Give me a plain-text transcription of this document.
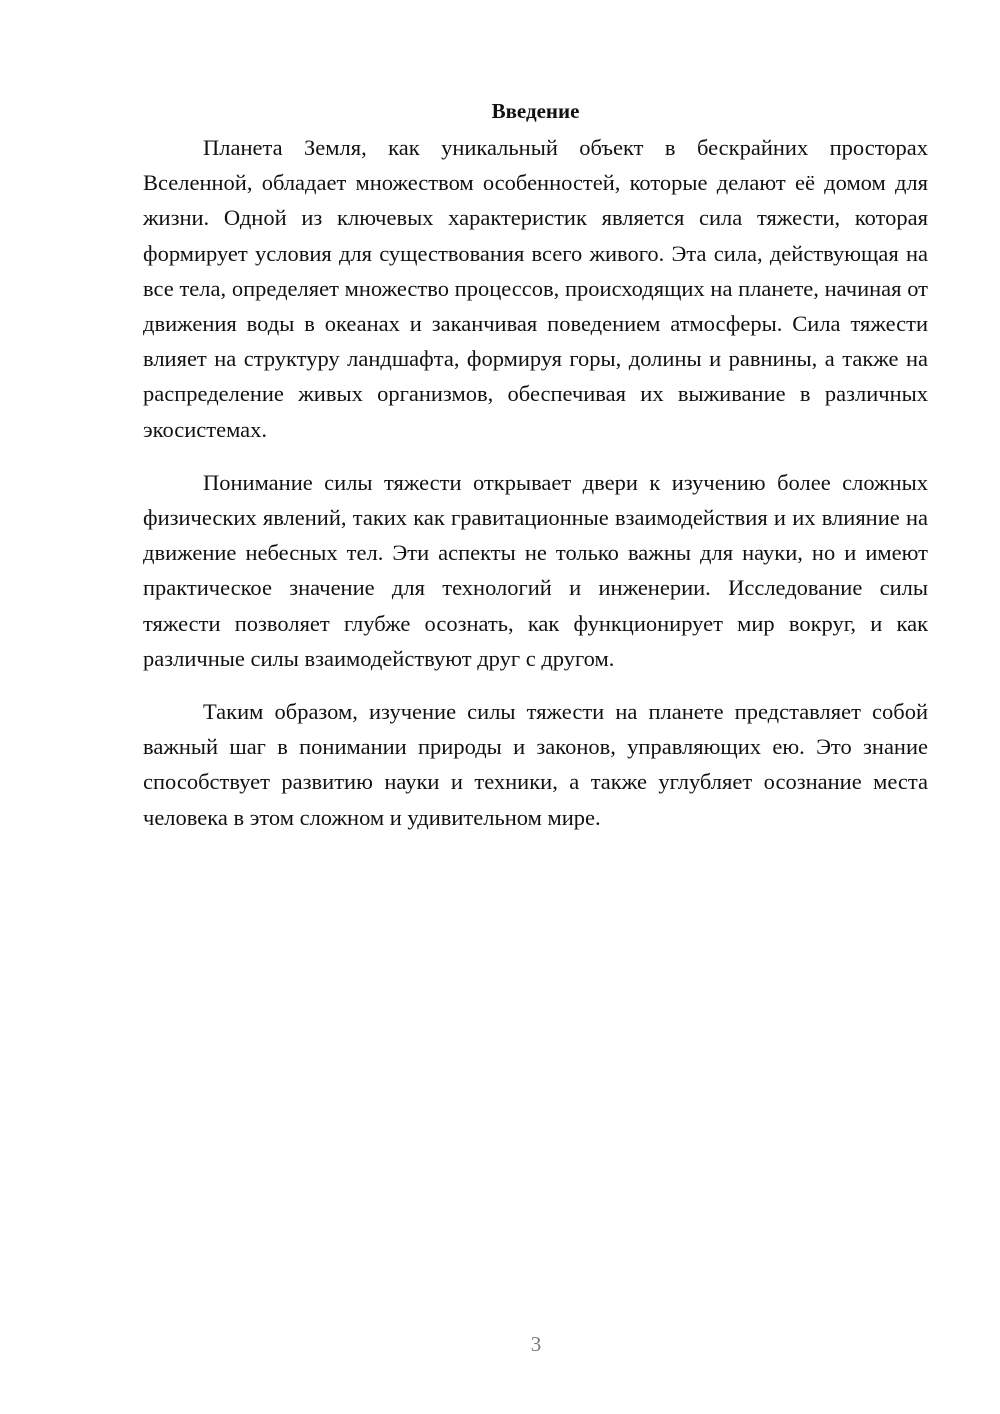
Введение

Планета Земля, как уникальный объект в бескрайних просторах Вселенной, обладает множеством особенностей, которые делают её домом для жизни. Одной из ключевых характеристик является сила тяжести, которая формирует условия для существования всего живого. Эта сила, действующая на все тела, определяет множество процессов, происходящих на планете, начиная от движения воды в океанах и заканчивая поведением атмосферы. Сила тяжести влияет на структуру ландшафта, формируя горы, долины и равнины, а также на распределение живых организмов, обеспечивая их выживание в различных экосистемах.

Понимание силы тяжести открывает двери к изучению более сложных физических явлений, таких как гравитационные взаимодействия и их влияние на движение небесных тел. Эти аспекты не только важны для науки, но и имеют практическое значение для технологий и инженерии. Исследование силы тяжести позволяет глубже осознать, как функционирует мир вокруг, и как различные силы взаимодействуют друг с другом.

Таким образом, изучение силы тяжести на планете представляет собой важный шаг в понимании природы и законов, управляющих ею. Это знание способствует развитию науки и техники, а также углубляет осознание места человека в этом сложном и удивительном мире.

3
